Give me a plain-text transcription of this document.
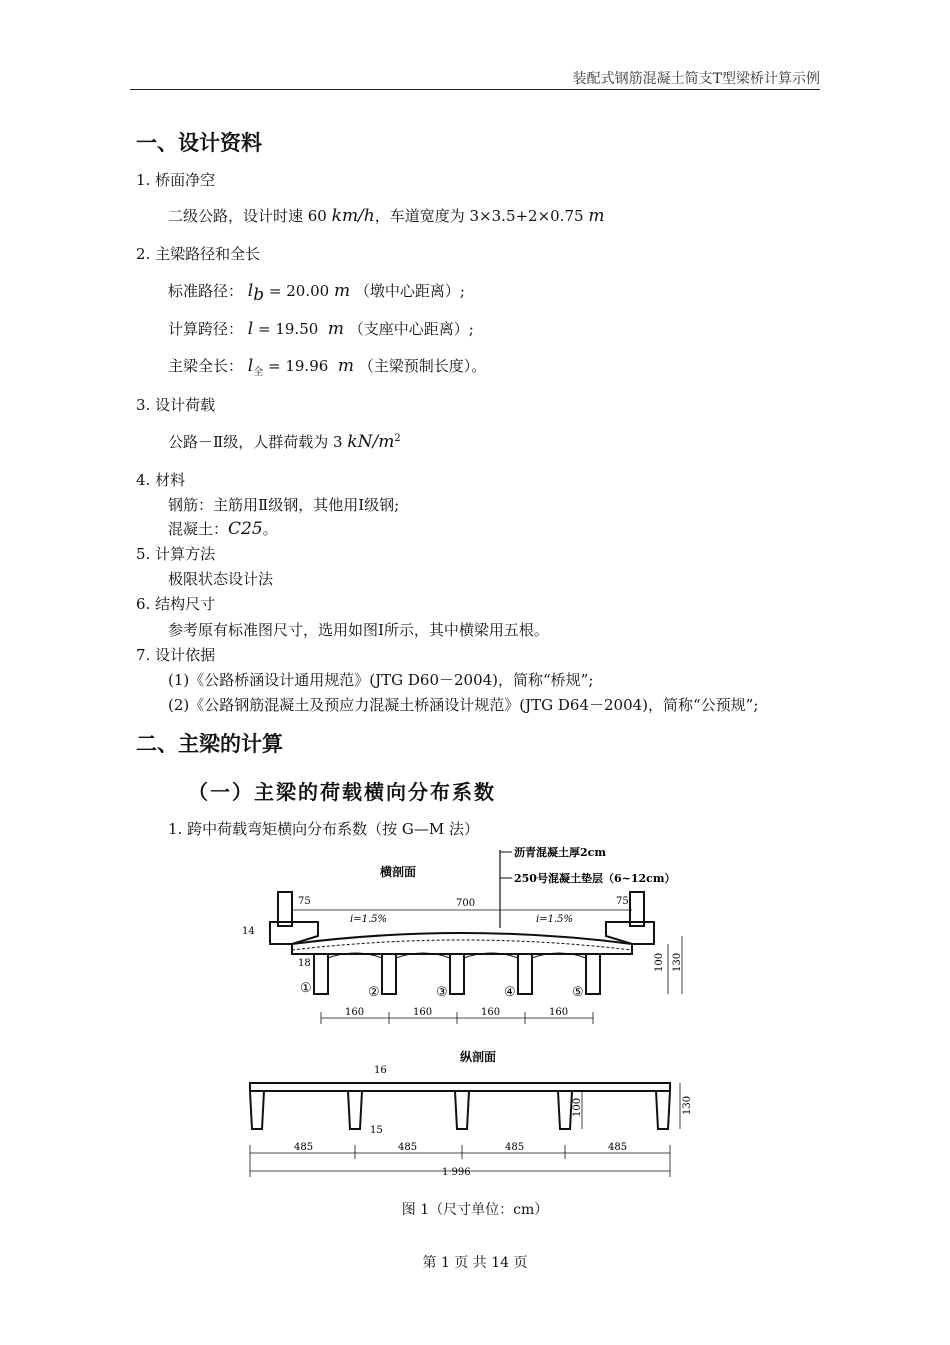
装配式钢筋混凝土简支T型梁桥计算示例
一、设计资料
1. 桥面净空
二级公路，设计时速 60 km/h，车道宽度为 3×3.5+2×0.75 m
2. 主梁路径和全长
标准路径： $l_b = 20.00$ m （墩中心距离）;
计算跨径： l = 19.50 m （支座中心距离）;
主梁全长： $l_全 = 19.96$ m （主梁预制长度）。
3. 设计荷载
公路－Ⅱ级，人群荷载为 3 $kN/m^2$
4. 材料
钢筋：主筋用Ⅱ级钢，其他用Ⅰ级钢;
混凝土：C25。
5. 计算方法
极限状态设计法
6. 结构尺寸
参考原有标准图尺寸，选用如图Ⅰ所示，其中横梁用五根。
7. 设计依据
(1)《公路桥涵设计通用规范》(JTG D60－2004)，简称“桥规”;
(2)《公路钢筋混凝土及预应力混凝土桥涵设计规范》(JTG D64－2004)，简称“公预规”;
二、主梁的计算
（一）主梁的荷载横向分布系数
1. 跨中荷载弯矩横向分布系数（按 G—M 法）
横剖面
沥青混凝土厚2cm
250号混凝土垫层（6~12cm）
75	700	75
i=1.5%	i=1.5%
14
18	100 130
①	②	③	④	⑤
160	160	160	160
纵剖面
16
15
100	130
485	485	485	485
1 996
图 1（尺寸单位：cm）
第 1 页 共 14 页
